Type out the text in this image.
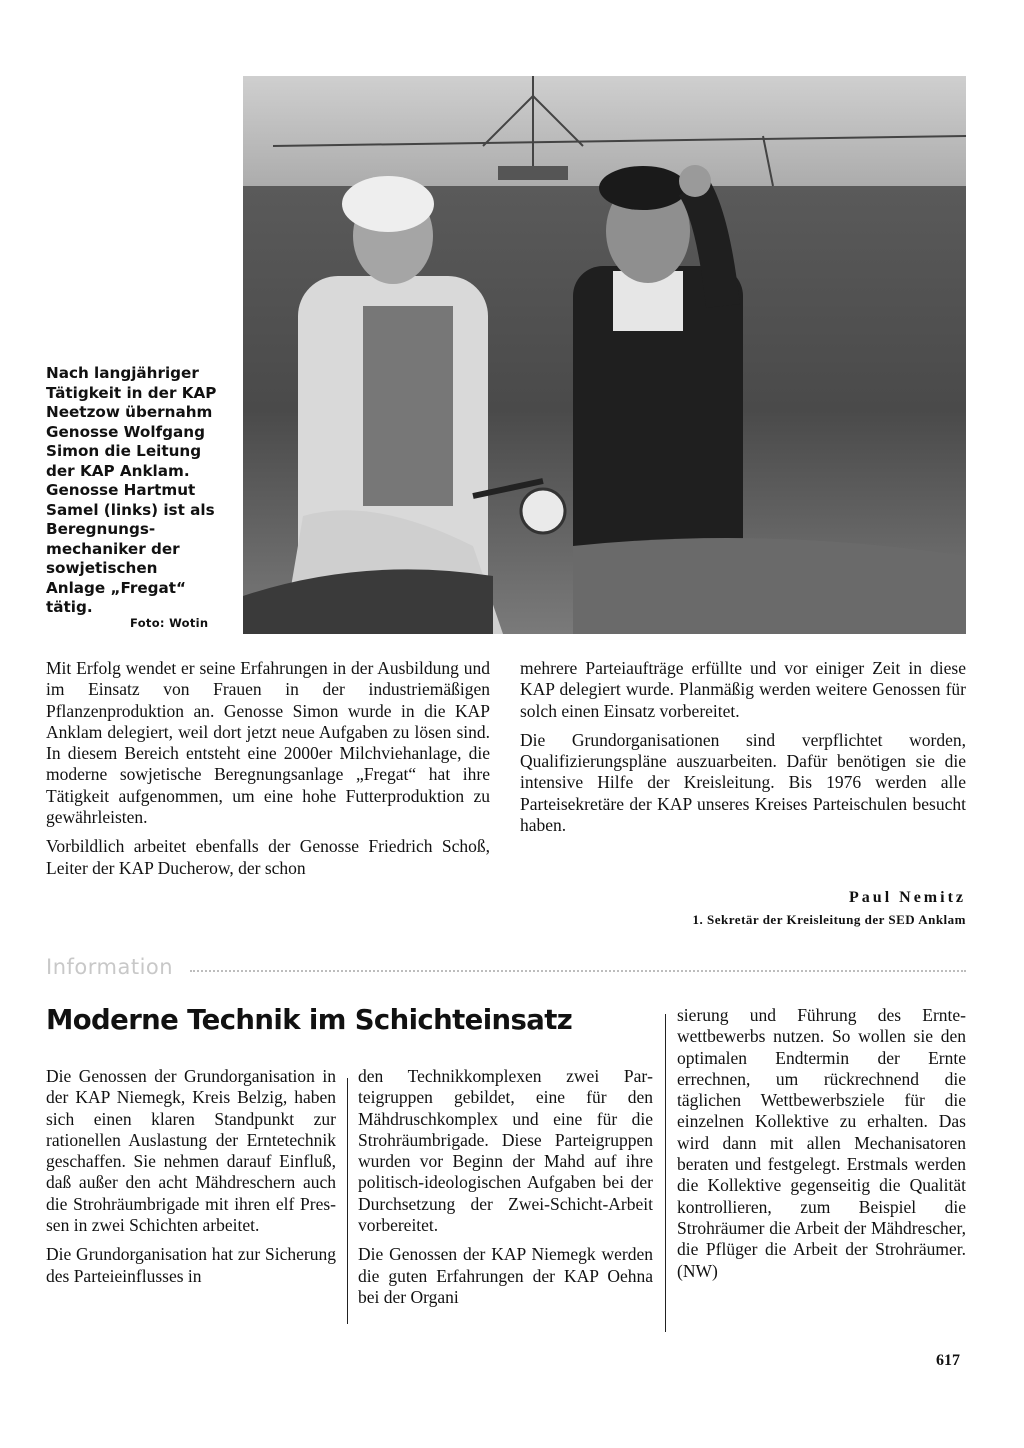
Nach langjähriger Tätigkeit in der KAP Neetzow übernahm Genosse Wolfgang Simon die Leitung der KAP Anklam. Genosse Hartmut Samel (links) ist als Beregnungsmechaniker der sowjetischen Anlage „Fregat“ tätig.

Foto: Wotin

Mit Erfolg wendet er seine Erfahrungen in der Ausbildung und im Einsatz von Frauen in der industriemäßigen Pflanzenproduktion an. Genosse Simon wurde in die KAP Anklam delegiert, weil dort jetzt neue Aufgaben zu lösen sind. In diesem Bereich entsteht eine 2000er Milchviehanlage, die moderne sowjetische Beregnungsanlage „Fregat“ hat ihre Tätigkeit aufgenommen, um eine hohe Futterproduktion zu gewährleisten.

Vorbildlich arbeitet ebenfalls der Genosse Friedrich Schoß, Leiter der KAP Ducherow, der schon

mehrere Parteiaufträge erfüllte und vor einiger Zeit in diese KAP delegiert wurde. Planmäßig werden weitere Genossen für solch einen Einsatz vorbereitet.

Die Grundorganisationen sind verpflichtet worden, Qualifizierungspläne auszuarbeiten. Dafür benötigen sie die intensive Hilfe der Kreisleitung. Bis 1976 werden alle Parteisekretäre der KAP unseres Kreises Parteischulen besucht haben.

Paul Nemitz
1. Sekretär der Kreisleitung der SED Anklam
Information
Moderne Technik im Schichteinsatz

Die Genossen der Grundorganisation in der KAP Niemegk, Kreis Belzig, haben sich einen klaren Standpunkt zur rationellen Auslastung der Erntetechnik geschaffen. Sie nehmen darauf Einfluß, daß außer den acht Mähdreschern auch die Strohräumbrigade mit ihren elf Pressen in zwei Schichten arbeitet.

Die Grundorganisation hat zur Sicherung des Parteieinflusses in

den Technikkomplexen zwei Parteigruppen gebildet, eine für den Mähdruschkomplex und eine für die Strohräumbrigade. Diese Parteigruppen wurden vor Beginn der Mahd auf ihre politisch-ideologischen Aufgaben bei der Durchsetzung der Zwei-Schicht-Arbeit vorbereitet.

Die Genossen der KAP Niemegk werden die guten Erfahrungen der KAP Oehna bei der Organi

sierung und Führung des Erntewettbewerbs nutzen. So wollen sie den optimalen Endtermin der Ernte errechnen, um rückrechnend die täglichen Wettbewerbsziele für die einzelnen Kollektive zu erhalten. Das wird dann mit allen Mechanisatoren beraten und festgelegt. Erstmals werden die Kollektive gegenseitig die Qualität kontrollieren, zum Beispiel die Strohräumer die Arbeit der Mähdrescher, die Pflüger die Arbeit der Strohräumer. (NW)

617
